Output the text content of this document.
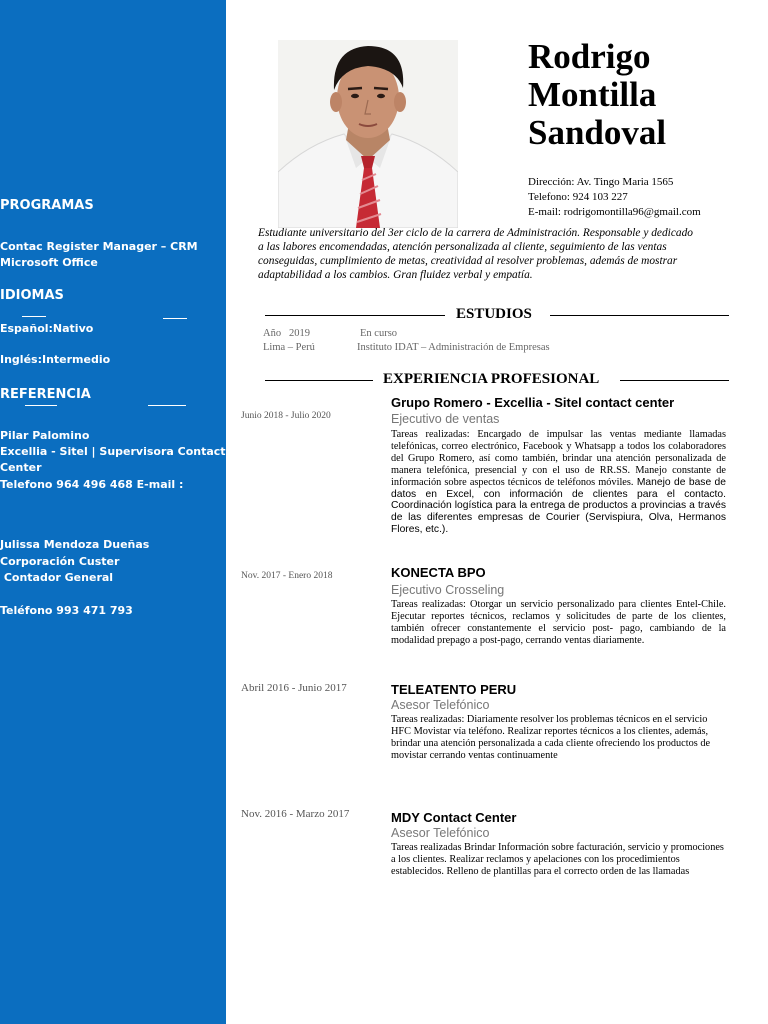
PROGRAMAS
Contac Register Manager – CRM
Microsoft Office
IDIOMAS
Español:Nativo
Inglés:Intermedio
REFERENCIA
Pilar Palomino
Excellia - Sitel | Supervisora Contact -
Center
Telefono 964 496 468 E-mail :
Julissa Mendoza Dueñas
Corporación Custer
Contador General
Teléfono 993 471 793
Rodrigo
Montilla
Sandoval
Dirección: Av. Tingo Maria 1565
Telefono: 924 103 227
E-mail: rodrigomontilla96@gmail.com
Estudiante universitario del 3er ciclo de la carrera de Administración. Responsable y dedicado a las labores encomendadas, atención personalizada al cliente, seguimiento de las ventas conseguidas, cumplimiento de metas, creatividad al resolver problemas, además de mostrar adaptabilidad a los cambios. Gran fluidez verbal y empatía.
ESTUDIOS
Año   2019	En curso
Lima – Perú	Instituto IDAT – Administración de Empresas
EXPERIENCIA PROFESIONAL
Junio 2018 - Julio 2020
Grupo Romero - Excellia - Sitel contact center
Ejecutivo de ventas
Tareas realizadas: Encargado de impulsar las ventas mediante llamadas telefónicas, correo electrónico, Facebook y Whatsapp a todos los colaboradores del Grupo Romero, así como también, brindar una atención personalizada de manera telefónica, presencial y con el uso de RR.SS. Manejo constante de información sobre aspectos técnicos de teléfonos móviles. Manejo de base de datos en Excel, con información de clientes para el contacto. Coordinación logística para la entrega de productos a provincias a través de las diferentes empresas de Courier (Servispiura, Olva, Hermanos Flores, etc.).
Nov. 2017 - Enero 2018	KONECTA BPO
Ejecutivo Crosseling
Tareas realizadas: Otorgar un servicio personalizado para clientes Entel-Chile. Ejecutar reportes técnicos, reclamos y solicitudes de parte de los clientes, también ofrecer constantemente el servicio post- pago, cambiando de la modalidad prepago a post-pago, cerrando ventas diariamente.
Abril 2016 - Junio 2017	TELEATENTO PERU
Asesor Telefónico
Tareas realizadas: Diariamente resolver los problemas técnicos en el servicio HFC Movistar vía teléfono. Realizar reportes técnicos a los clientes, además, brindar una atención personalizada a cada cliente ofreciendo los productos de movistar cerrando ventas continuamente
Nov. 2016 - Marzo 2017	MDY Contact Center
Asesor Telefónico
Tareas realizadas Brindar Información sobre facturación, servicio y promociones a los clientes. Realizar reclamos y apelaciones con los procedimientos establecidos. Relleno de plantillas para el correcto orden de las llamadas
